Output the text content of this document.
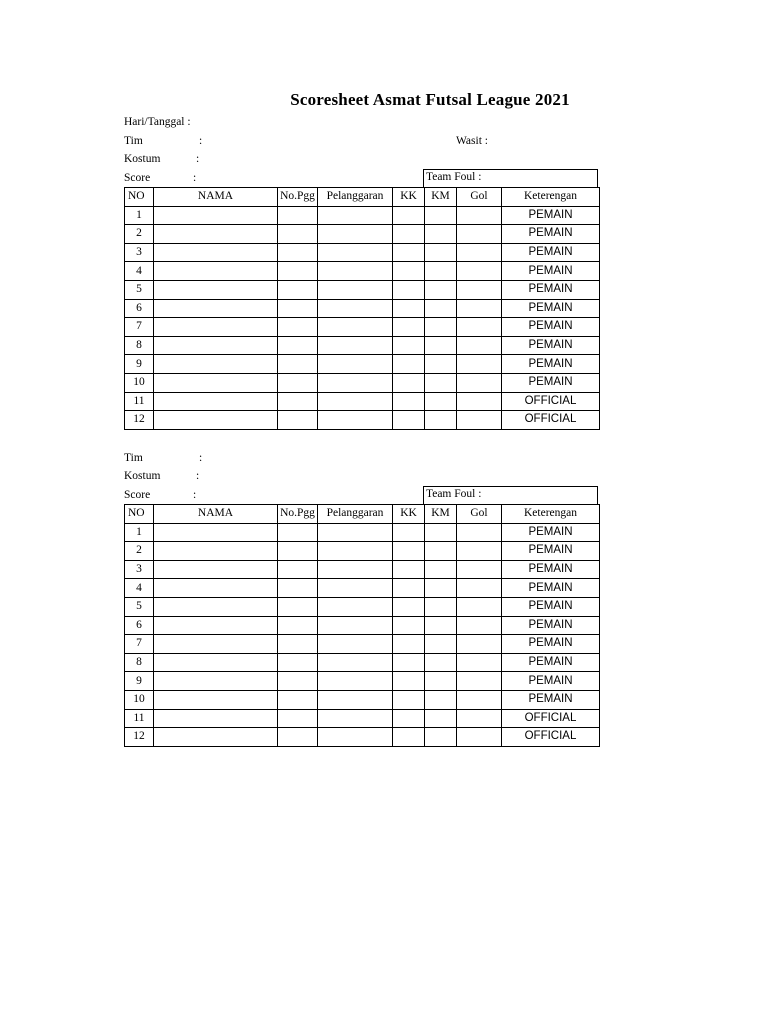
Scoresheet Asmat Futsal League 2021
Hari/Tanggal :
Tim	:	Wasit :
Kostum	:
Score	:	Team Foul :
NO	NAMA	No.Pgg	Pelanggaran	KK	KM	Gol	Keterengan
1							PEMAIN
2							PEMAIN
3							PEMAIN
4							PEMAIN
5							PEMAIN
6							PEMAIN
7							PEMAIN
8							PEMAIN
9							PEMAIN
10							PEMAIN
11							OFFICIAL
12							OFFICIAL
Tim	:
Kostum	:
Score	:	Team Foul :
NO	NAMA	No.Pgg	Pelanggaran	KK	KM	Gol	Keterengan
1							PEMAIN
2							PEMAIN
3							PEMAIN
4							PEMAIN
5							PEMAIN
6							PEMAIN
7							PEMAIN
8							PEMAIN
9							PEMAIN
10							PEMAIN
11							OFFICIAL
12							OFFICIAL
